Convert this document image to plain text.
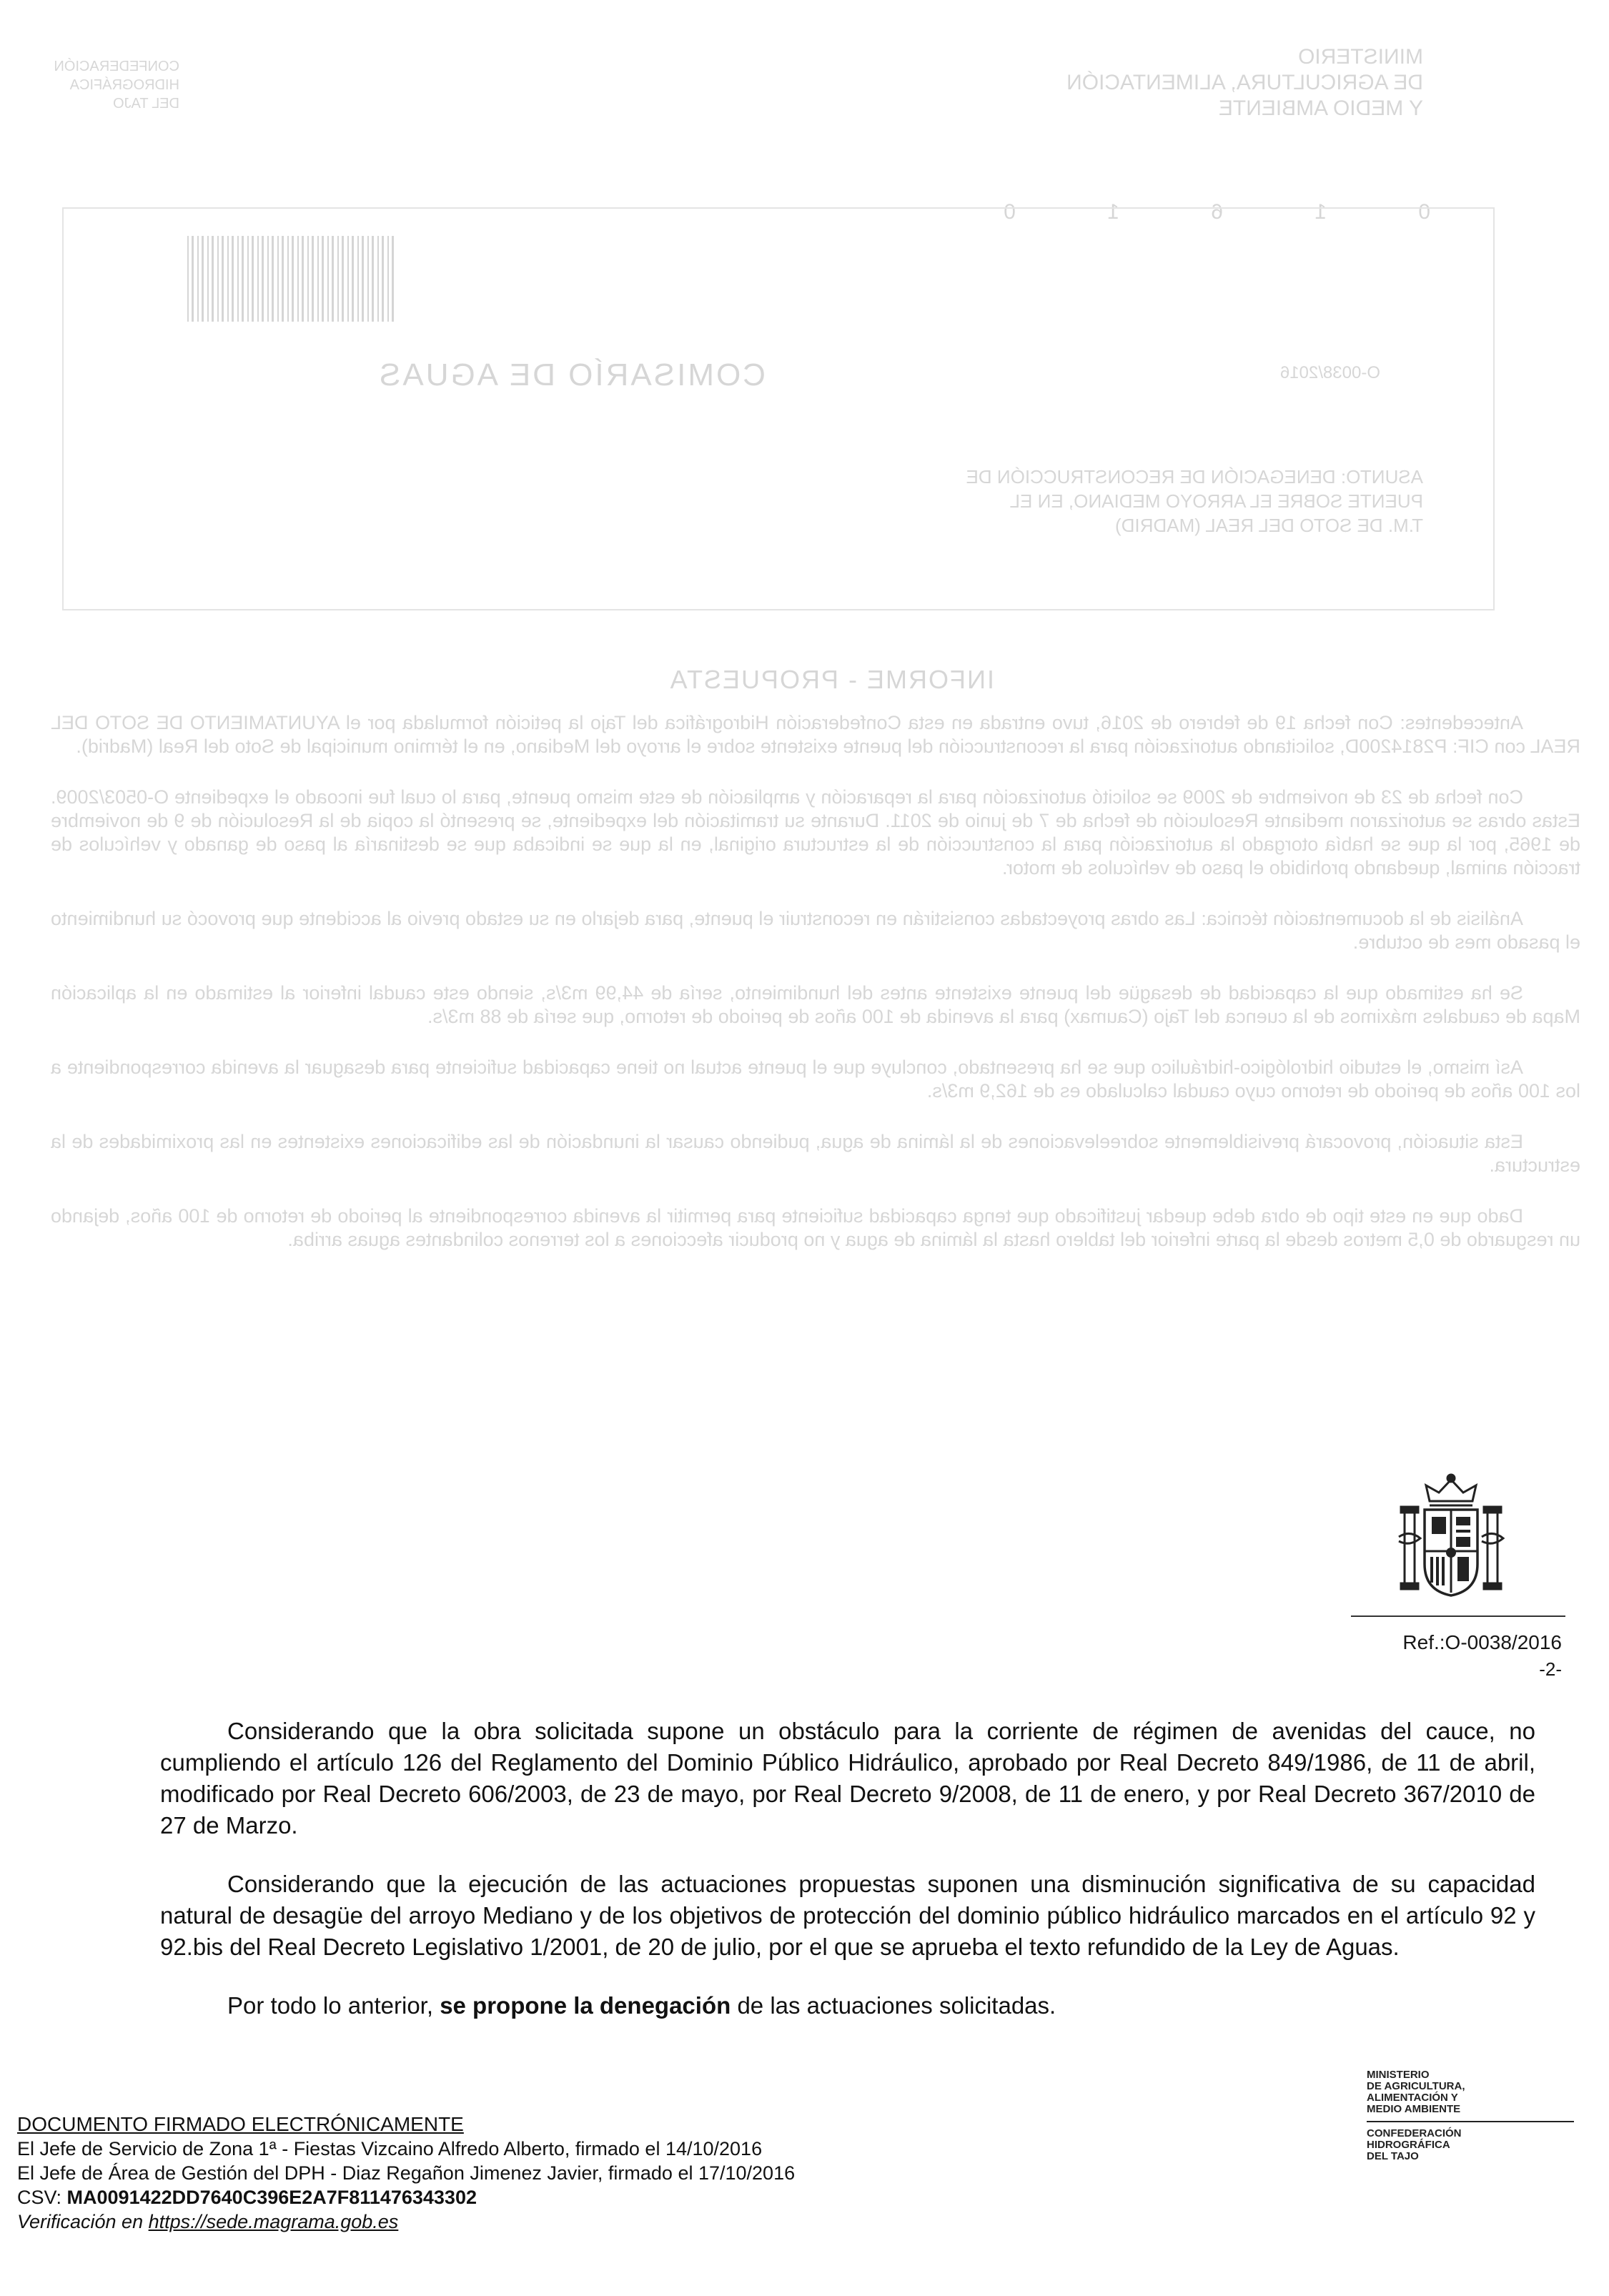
MINISTERIO
DE AGRICULTURA, ALIMENTACIÓN
Y MEDIO AMBIENTE
CONFEDERACIÓN
HIDROGRÁFICA
DEL TAJO
0 1 6 1 0
COMISARÍO DE AGUAS	O-0038/2016
ASUNTO: DENEGACIÓN DE RECONSTRUCCIÓN DE
PUENTE SOBRE EL ARROYO MEDIANO, EN EL
T.M. DE SOTO DEL REAL (MADRID)
INFORME - PROPUESTA

Antecedentes: Con fecha 19 de febrero de 2016, tuvo entrada en esta Confederación Hidrográfica del Tajo la petición formulada por el AYUNTAMIENTO DE SOTO DEL REAL con CIF: P2814200D, solicitando autorización para la reconstrucción del puente existente sobre el arroyo del Mediano, en el término municipal de Soto del Real (Madrid).

Con fecha de 23 de noviembre de 2009 se solicitó autorización para la reparación y ampliación de este mismo puente, para lo cual fue incoado el expediente O-0503/2009. Estas obras se autorizaron mediante Resolución de fecha de 7 de junio de 2011. Durante su tramitación del expediente, se presentó la copia de la Resolución de 9 de noviembre de 1965, por la que se había otorgado la autorización para la construcción de la estructura original, en la que se indicaba que se destinaría al paso de ganado y vehículos de tracción animal, quedando prohibido el paso de vehículos de motor.

Análisis de la documentación técnica: Las obras proyectadas consistirán en reconstruir el puente, para dejarlo en su estado previo al accidente que provocó su hundimiento el pasado mes de octubre.

Se ha estimado que la capacidad de desagüe del puente existente antes del hundimiento, sería de 44,99 m3/s, siendo este caudal inferior al estimado en la aplicación Mapa de caudales máximos de la cuenca del Tajo (Caumax) para la avenida de 100 años de periodo de retorno, que sería de 88 m3/s.

Así mismo, el estudio hidrológico-hidráulico que se ha presentado, concluye que el puente actual no tiene capacidad suficiente para desaguar la avenida correspondiente a los 100 años de periodo de retorno cuyo caudal calculado es de 162,9 m3/s.

Esta situación, provocará previsiblemente sobreelevaciones de la lámina de agua, pudiendo causar la inundación de las edificaciones existentes en las proximidades de la estructura.

Dado que en este tipo de obra debe quedar justificado que tenga capacidad suficiente para permitir la avenida correspondiente al periodo de retorno de 100 años, dejando un resguardo de 0,5 metros desde la parte inferior del tablero hasta la lámina de agua y no producir afecciones a los terrenos colindantes aguas arriba.

Ref.:O-0038/2016
-2-

Considerando que la obra solicitada supone un obstáculo para la corriente de régimen de avenidas del cauce, no cumpliendo el artículo 126 del Reglamento del Dominio Público Hidráulico, aprobado por Real Decreto 849/1986, de 11 de abril, modificado por Real Decreto 606/2003, de 23 de mayo, por Real Decreto 9/2008, de 11 de enero, y por Real Decreto 367/2010 de 27 de Marzo.

Considerando que la ejecución de las actuaciones propuestas suponen una disminución significativa de su capacidad natural de desagüe del arroyo Mediano y de los objetivos de protección del dominio público hidráulico marcados en el artículo 92 y 92.bis del Real Decreto Legislativo 1/2001, de 20 de julio, por el que se aprueba el texto refundido de la Ley de Aguas.

Por todo lo anterior, se propone la denegación de las actuaciones solicitadas.

DOCUMENTO FIRMADO ELECTRÓNICAMENTE
El Jefe de Servicio de Zona 1ª - Fiestas Vizcaino Alfredo Alberto, firmado el 14/10/2016
El Jefe de Área de Gestión del DPH - Diaz Regañon Jimenez Javier, firmado el 17/10/2016
CSV: MA0091422DD7640C396E2A7F811476343302
Verificación en https://sede.magrama.gob.es
MINISTERIO
DE AGRICULTURA,
ALIMENTACIÓN Y
MEDIO AMBIENTE
CONFEDERACIÓN
HIDROGRÁFICA
DEL TAJO
